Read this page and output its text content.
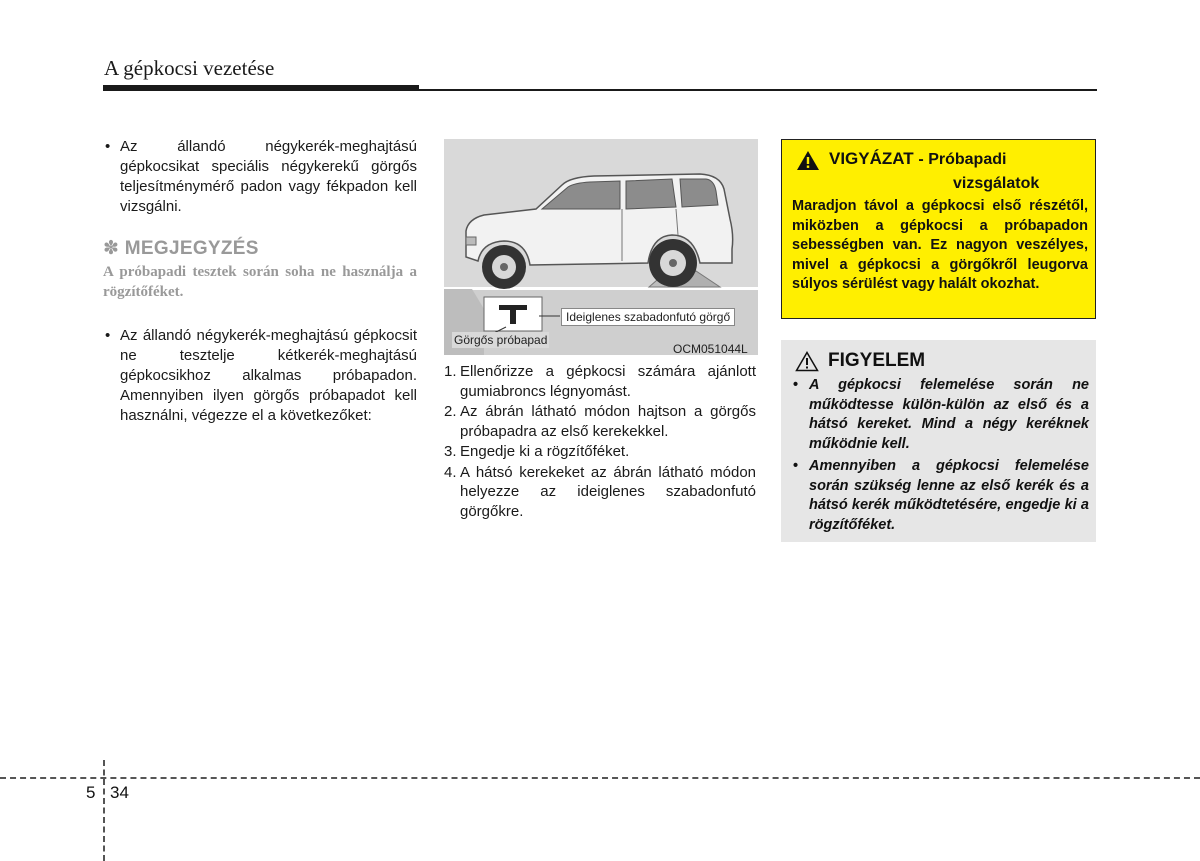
A gépkocsi vezetése
• Az állandó négykerék-meghajtású gépkocsikat speciális négykerekű görgős teljesítménymérő padon vagy fékpadon kell vizsgálni.
✽ MEGJEGYZÉS
A próbapadi tesztek során soha ne használja a rögzítőféket.
• Az állandó négykerék-meghajtású gépkocsit ne tesztelje kétkerék-meghajtású gépkocsikhoz alkalmas próbapadon. Amennyiben ilyen görgős próbapadot kell használni, végezze el a következőket:
Ideiglenes szabadonfutó görgő
Görgős próbapad
OCM051044L
1. Ellenőrizze a gépkocsi számára ajánlott gumiabroncs légnyomást.
2. Az ábrán látható módon hajtson a görgős próbapadra az első kerekekkel.
3. Engedje ki a rögzítőféket.
4. A hátsó kerekeket az ábrán látható módon helyezze az ideiglenes szabadonfutó görgőkre.
VIGYÁZAT - Próbapadi
vizsgálatok
Maradjon távol a gépkocsi első részétől, miközben a gépkocsi a próbapadon sebességben van. Ez nagyon veszélyes, mivel a gépkocsi a görgőkről leugorva súlyos sérülést vagy halált okozhat.
FIGYELEM
• A gépkocsi felemelése során ne működtesse külön-külön az első és a hátsó kereket. Mind a négy keréknek működnie kell.
• Amennyiben a gépkocsi felemelése során szükség lenne az első kerék és a hátsó kerék működtetésére, engedje ki a rögzítőféket.
5 34
